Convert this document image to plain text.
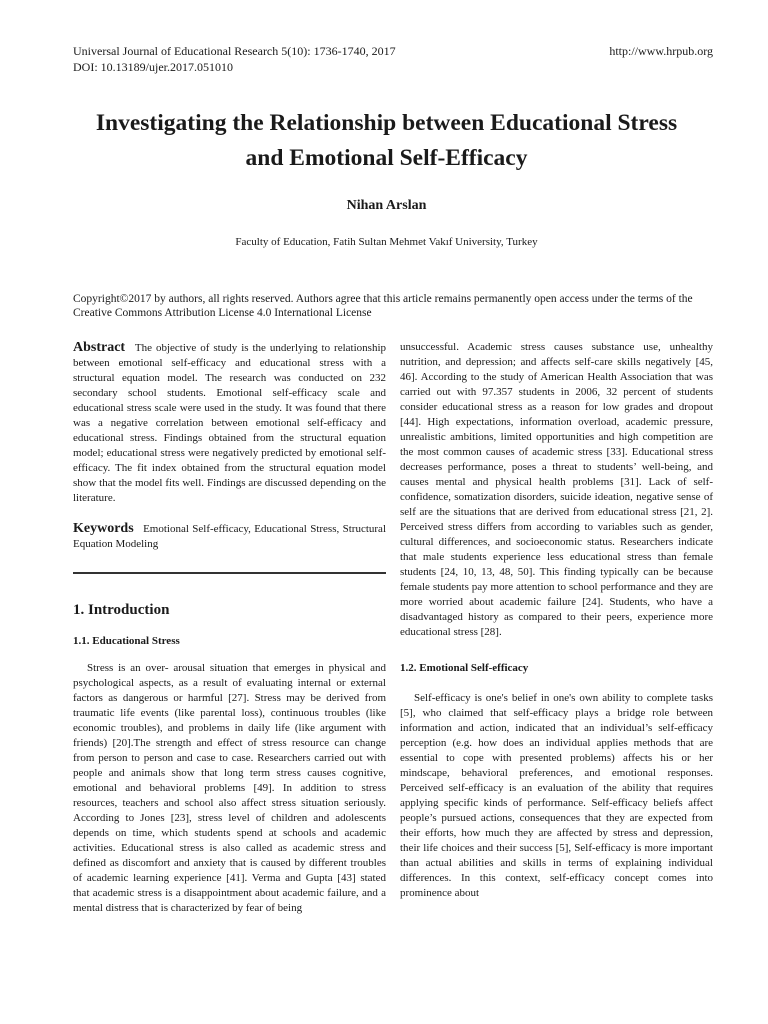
Universal Journal of Educational Research 5(10): 1736-1740, 2017
DOI: 10.13189/ujer.2017.051010
http://www.hrpub.org
Investigating the Relationship between Educational Stress
and Emotional Self-Efficacy
Nihan Arslan
Faculty of Education, Fatih Sultan Mehmet Vakıf University, Turkey
Copyright©2017 by authors, all rights reserved. Authors agree that this article remains permanently open access under the terms of the Creative Commons Attribution License 4.0 International License

Abstract The objective of study is the underlying to relationship between emotional self-efficacy and educational stress with a structural equation model. The research was conducted on 232 secondary school students. Emotional self-efficacy scale and educational stress scale were used in the study. It was found that there was a negative correlation between emotional self-efficacy and educational stress. Findings obtained from the structural equation model; educational stress were negatively predicted by emotional self-efficacy. The fit index obtained from the structural equation model show that the model fits well. Findings are discussed depending on the literature.

Keywords Emotional Self-efficacy, Educational Stress, Structural Equation Modeling

1. Introduction
1.1. Educational Stress

Stress is an over- arousal situation that emerges in physical and psychological aspects, as a result of evaluating internal or external factors as dangerous or harmful [27]. Stress may be derived from traumatic life events (like parental loss), continuous troubles (like economic troubles), and problems in daily life (like argument with friends) [20].The strength and effect of stress resource can change from person to person and case to case. Researchers carried out with people and animals show that long term stress causes cognitive, emotional and behavioral problems [49]. In addition to stress resources, teachers and school also affect stress situation seriously. According to Jones [23], stress level of children and adolescents depends on time, which students spend at schools and academic activities. Educational stress is also called as academic stress and defined as discomfort and anxiety that is caused by different troubles of academic learning experience [41]. Verma and Gupta [43] stated that academic stress is a disappointment about academic failure, and a mental distress that is characterized by fear of being

unsuccessful. Academic stress causes substance use, unhealthy nutrition, and depression; and affects self-care skills negatively [45, 46]. According to the study of American Health Association that was carried out with 97.357 students in 2006, 32 percent of students consider educational stress as a reason for low grades and dropout [44]. High expectations, information overload, academic pressure, unrealistic ambitions, limited opportunities and high competition are the most common causes of academic stress [33]. Educational stress decreases performance, poses a threat to students’ well-being, and causes mental and physical health problems [31]. Lack of self-confidence, somatization disorders, suicide ideation, negative sense of self are the situations that are derived from educational stress [21, 2]. Perceived stress differs from according to variables such as gender, cultural differences, and socioeconomic status. Researchers indicate that male students experience less educational stress than female students [24, 10, 13, 48, 50]. This finding typically can be because female students pay more attention to school performance and they are more worried about academic failure [24]. Students, who have a disadvantaged history as compared to their peers, experience more educational stress [28].

1.2. Emotional Self-efficacy

Self-efficacy is one's belief in one's own ability to complete tasks [5], who claimed that self-efficacy plays a bridge role between information and action, indicated that an individual’s self-efficacy perception (e.g. how does an individual applies methods that are essential to cope with presented problems) affects his or her mindscape, behavioral preferences, and emotional responses. Perceived self-efficacy is an evaluation of the ability that requires applying specific kinds of performance. Self-efficacy beliefs affect people’s pursued actions, consequences that they are expected from their efforts, how much they are affected by stress and depression, their life choices and their success [5], Self-efficacy is more important than actual abilities and skills in terms of explaining individual differences. In this context, self-efficacy concept comes into prominence about
